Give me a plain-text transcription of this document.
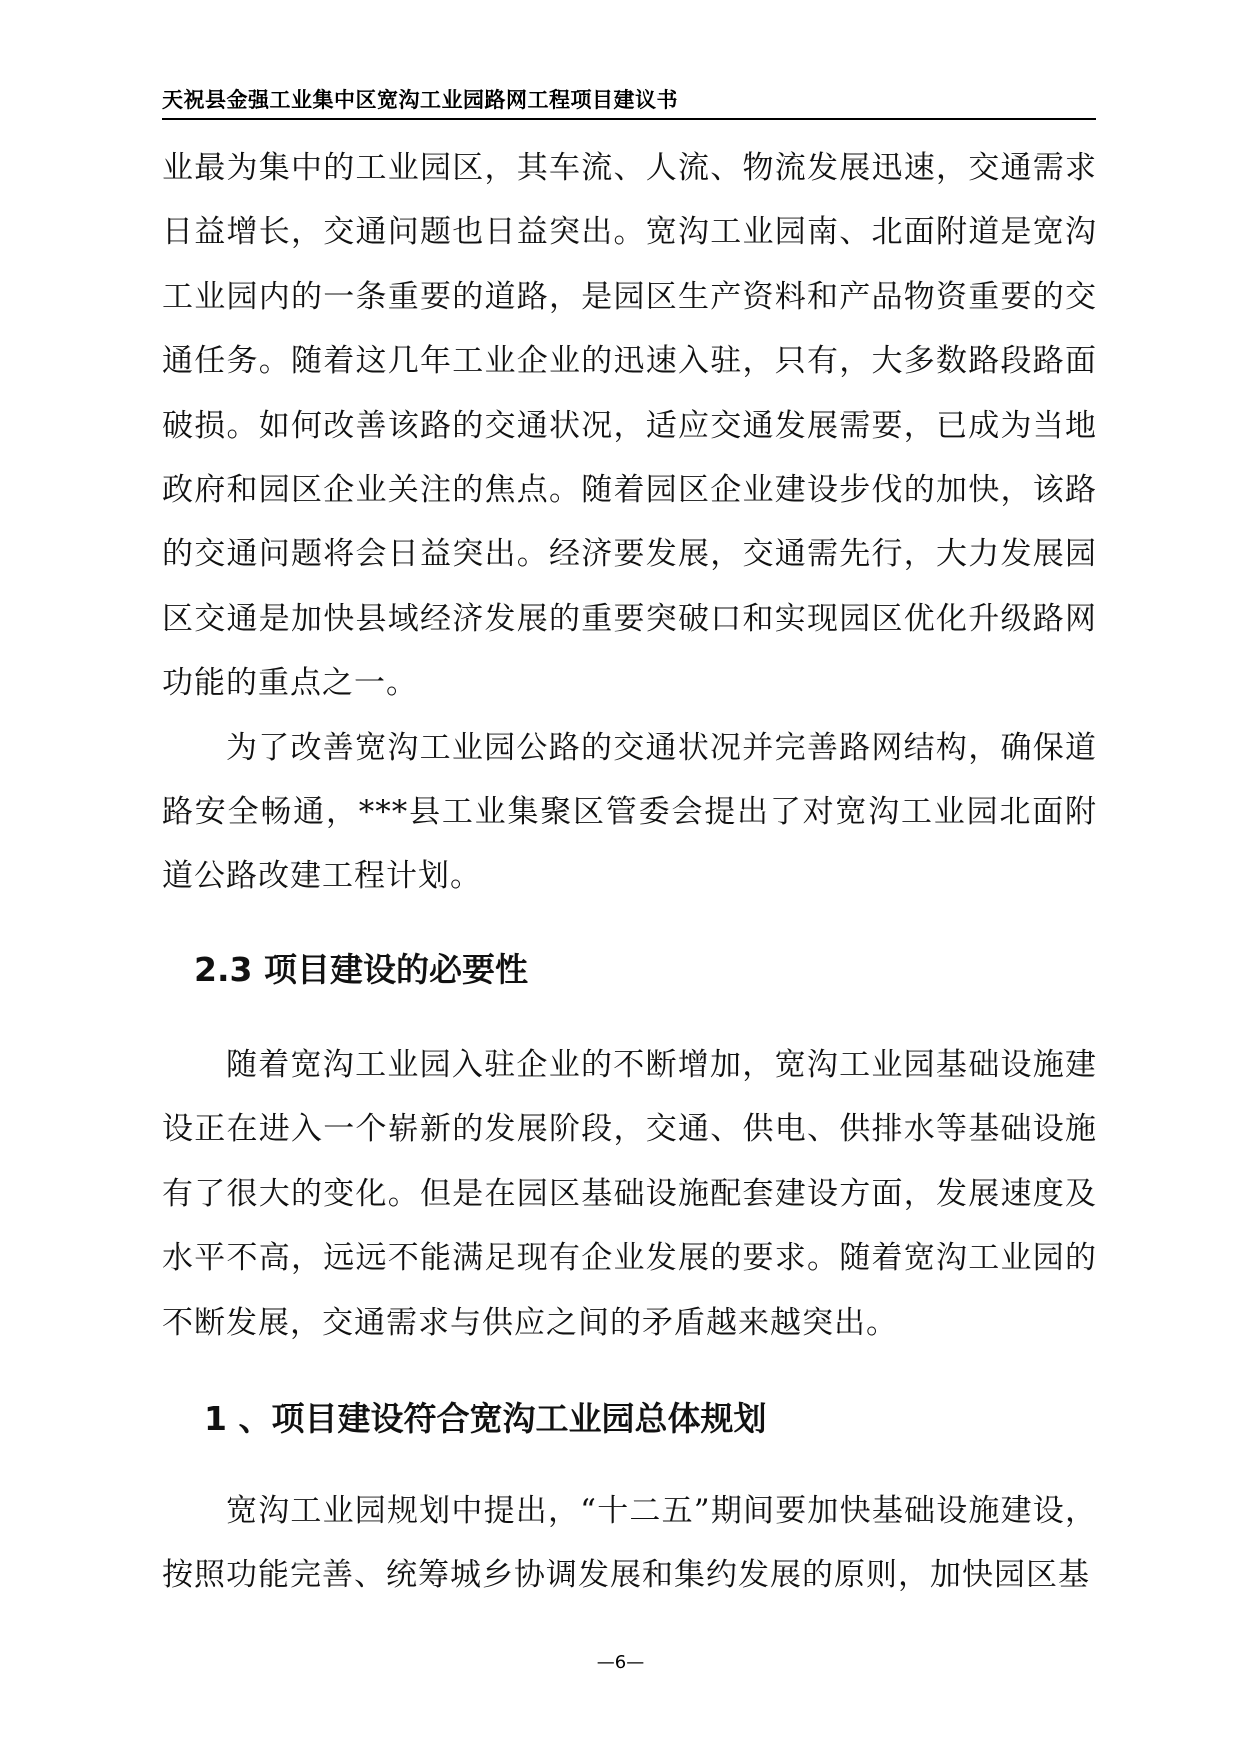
天祝县金强工业集中区宽沟工业园路网工程项目建议书

业最为集中的工业园区，其车流、人流、物流发展迅速，交通需求日益增长，交通问题也日益突出。宽沟工业园南、北面附道是宽沟工业园内的一条重要的道路，是园区生产资料和产品物资重要的交通任务。随着这几年工业企业的迅速入驻，只有，大多数路段路面破损。如何改善该路的交通状况，适应交通发展需要，已成为当地政府和园区企业关注的焦点。随着园区企业建设步伐的加快，该路的交通问题将会日益突出。经济要发展，交通需先行，大力发展园区交通是加快县域经济发展的重要突破口和实现园区优化升级路网功能的重点之一。

为了改善宽沟工业园公路的交通状况并完善路网结构，确保道路安全畅通，***县工业集聚区管委会提出了对宽沟工业园北面附道公路改建工程计划。

2.3 项目建设的必要性

随着宽沟工业园入驻企业的不断增加，宽沟工业园基础设施建设正在进入一个崭新的发展阶段，交通、供电、供排水等基础设施有了很大的变化。但是在园区基础设施配套建设方面，发展速度及水平不高，远远不能满足现有企业发展的要求。随着宽沟工业园的不断发展，交通需求与供应之间的矛盾越来越突出。

1 、项目建设符合宽沟工业园总体规划

宽沟工业园规划中提出，“十二五”期间要加快基础设施建设，按照功能完善、统筹城乡协调发展和集约发展的原则，加快园区基

—6—
